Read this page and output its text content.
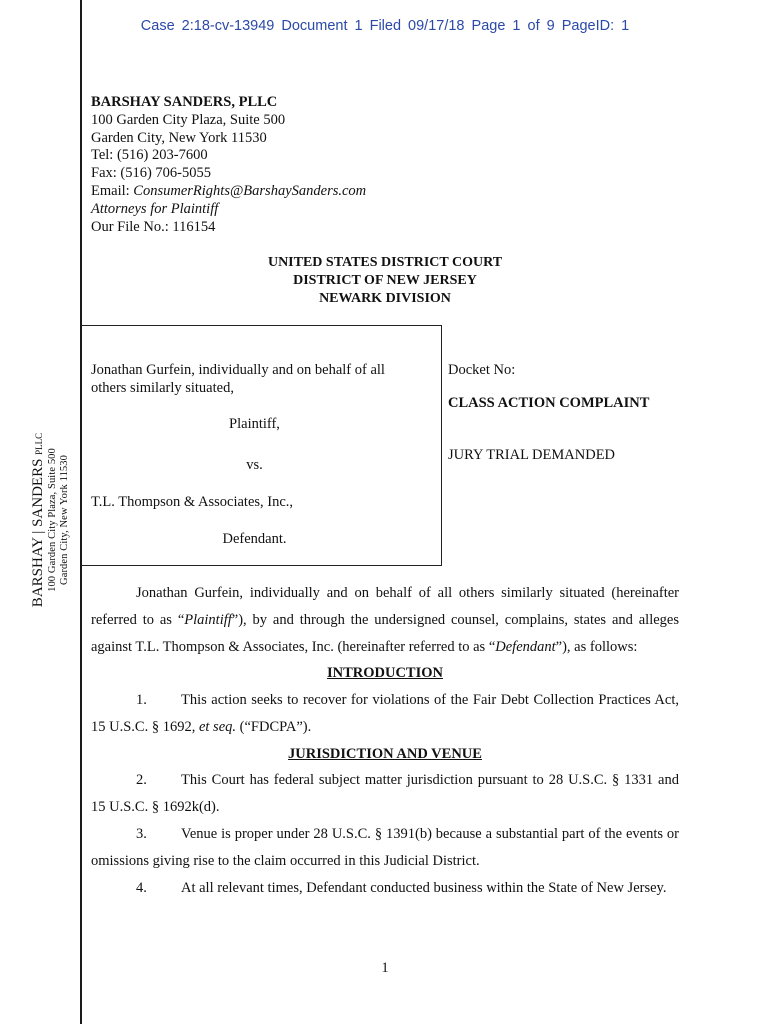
Case 2:18-cv-13949 Document 1 Filed 09/17/18 Page 1 of 9 PageID: 1
BARSHAY SANDERS, PLLC
100 Garden City Plaza, Suite 500
Garden City, New York 11530
Tel: (516) 203-7600
Fax: (516) 706-5055
Email: ConsumerRights@BarshaySanders.com
Attorneys for Plaintiff
Our File No.: 116154
UNITED STATES DISTRICT COURT
DISTRICT OF NEW JERSEY
NEWARK DIVISION
Jonathan Gurfein, individually and on behalf of all others similarly situated,
Plaintiff,
vs.
T.L. Thompson & Associates, Inc.,
Defendant.
Docket No:
CLASS ACTION COMPLAINT
JURY TRIAL DEMANDED
BARSHAY | SANDERS PLLC
100 Garden City Plaza, Suite 500 Garden City, New York 11530
Jonathan Gurfein, individually and on behalf of all others similarly situated (hereinafter referred to as “Plaintiff”), by and through the undersigned counsel, complains, states and alleges against T.L. Thompson & Associates, Inc. (hereinafter referred to as “Defendant”), as follows:
INTRODUCTION
1. This action seeks to recover for violations of the Fair Debt Collection Practices Act, 15 U.S.C. § 1692, et seq. (“FDCPA”).
JURISDICTION AND VENUE
2. This Court has federal subject matter jurisdiction pursuant to 28 U.S.C. § 1331 and 15 U.S.C. § 1692k(d).
3. Venue is proper under 28 U.S.C. § 1391(b) because a substantial part of the events or omissions giving rise to the claim occurred in this Judicial District.
4. At all relevant times, Defendant conducted business within the State of New Jersey.
1
